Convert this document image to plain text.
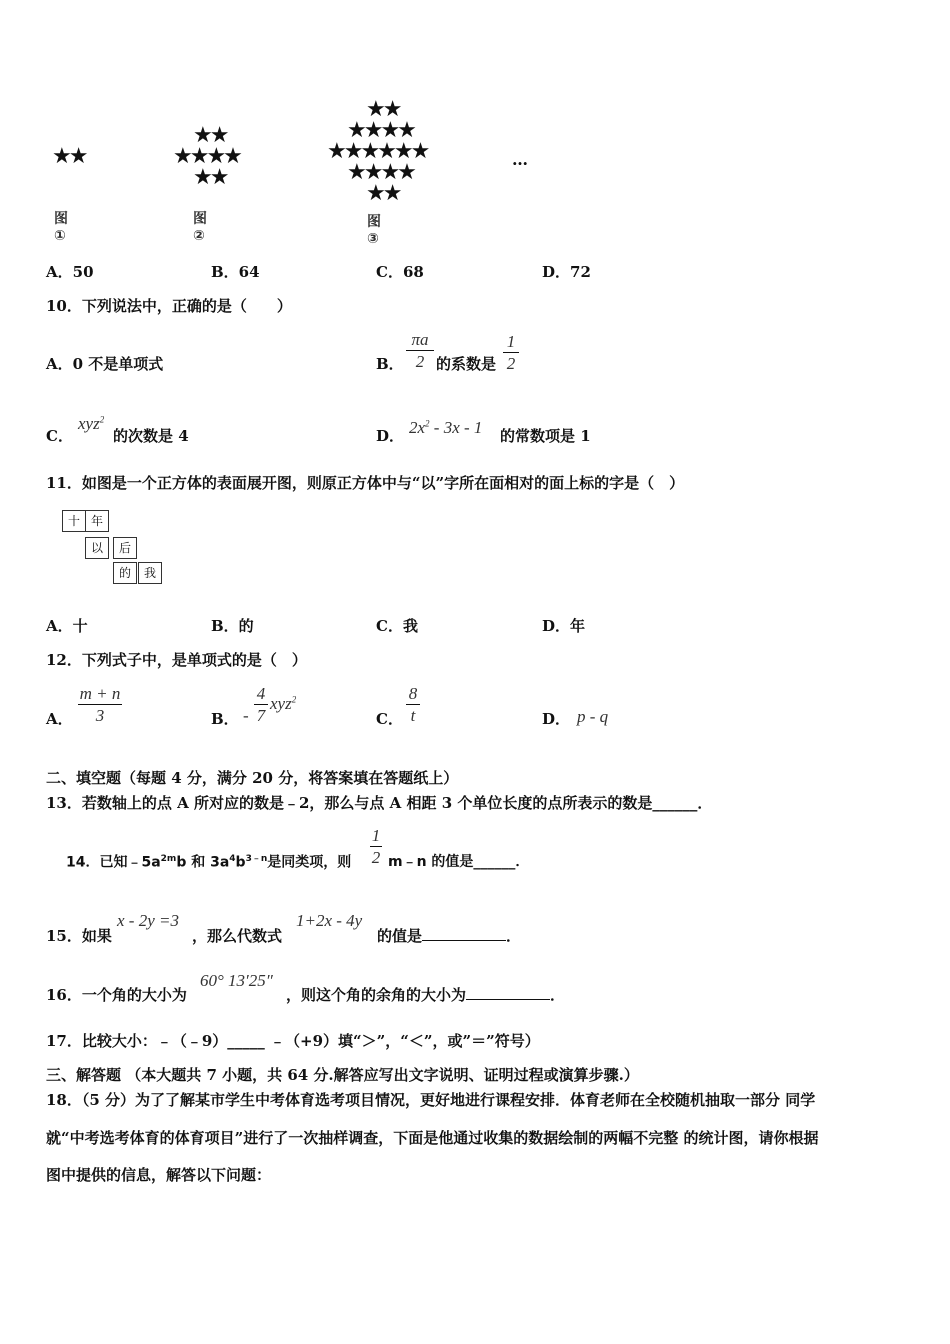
★★
图①
★★
★★★★
★★
图②
★★
★★★★
★★★★★★
★★★★
★★
图③
…
A．50	B．64	C．68	D．72
10．下列说法中，正确的是（　　）
A．0 不是单项式	B．
πa
2 的系数是
1
2
C．
xyz$^2$
的次数是 4	D． $2x^2 - 3x - 1$ 的常数项是 1
11．如图是一个正方体的表面展开图，则原正方体中与“以”字所在面相对的面上标的字是（　）
十 年
以	后
的	我
A．十	B．的	C．我	D．年
12．下列式子中，是单项式的是（　）
A．
m + n
3	B． -
4
7
xyz$^2$
C．
8
t	D． p - q
二、填空题（每题 4 分，满分 20 分，将答案填在答题纸上）
13．若数轴上的点 A 所对应的数是﹣2，那么与点 A 相距 3 个单位长度的点所表示的数是______．
14．已知$﹣5a^{2m}b$ 和 $3a^4b^{3﹣n}$是同类项，则
1
2 m﹣n 的值是______．
15．如果
x - 2y =3
，那么代数式
1+2x - 4y
的值是	．
16．一个角的大小为
60° 13′25″
，则这个角的余角的大小为	．
17．比较大小：﹣（﹣9）_____ ﹣（+9）填“＞”，“＜”，或”＝”符号）
三、解答题 （本大题共 7 小题，共 64 分.解答应写出文字说明、证明过程或演算步骤.）
18．（5 分）为了了解某市学生中考体育选考项目情况，更好地进行课程安排．体育老师在全校随机抽取一部分 同学
就“中考选考体育的体育项目”进行了一次抽样调查，下面是他通过收集的数据绘制的两幅不完整 的统计图，请你根据
图中提供的信息，解答以下问题：
